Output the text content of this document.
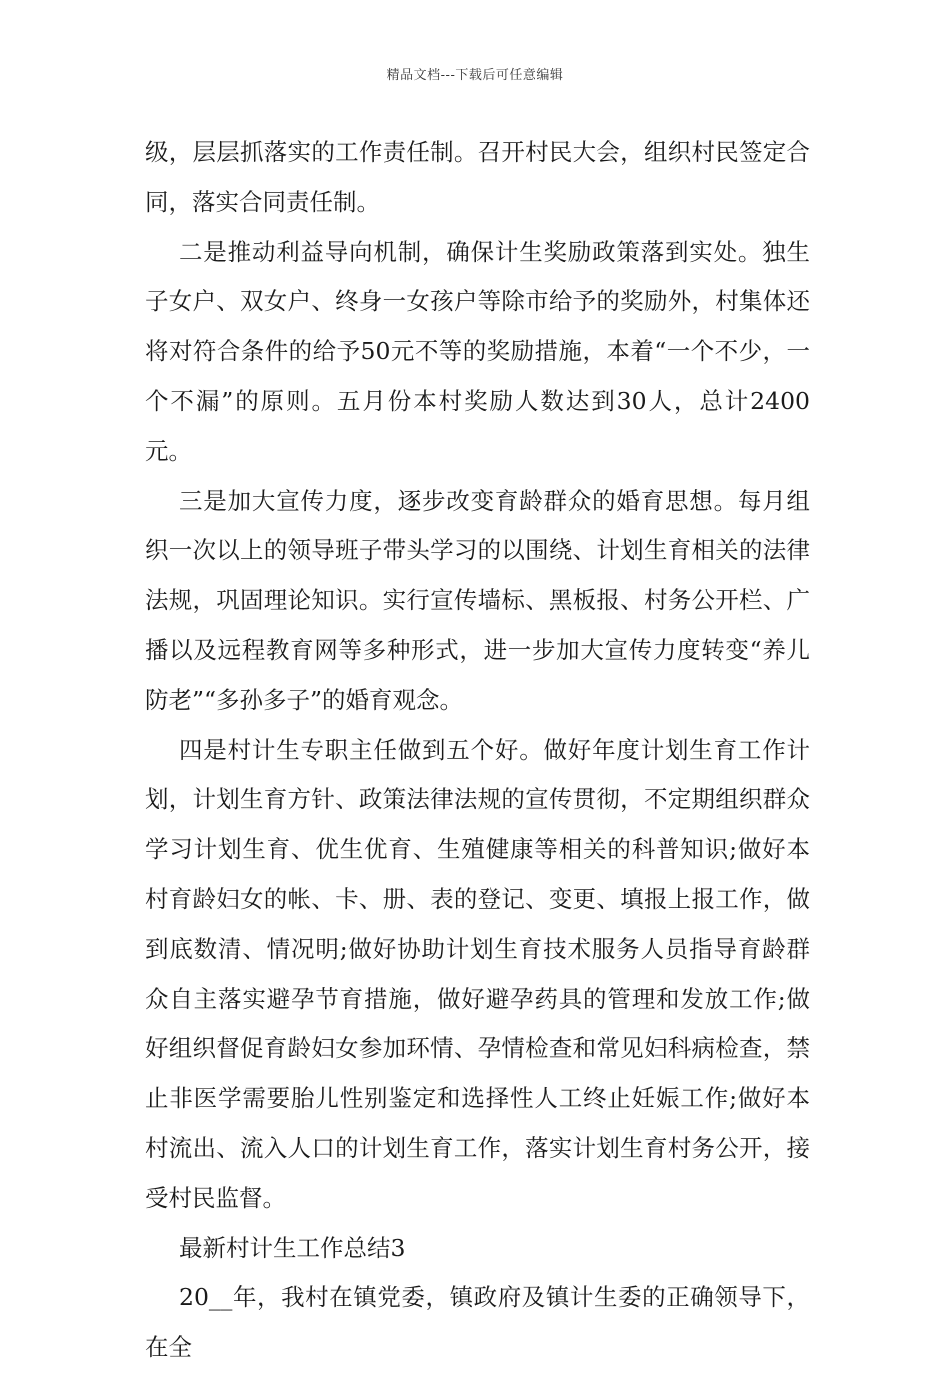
精品文档---下载后可任意编辑

级，层层抓落实的工作责任制。召开村民大会，组织村民签定合同，落实合同责任制。

二是推动利益导向机制，确保计生奖励政策落到实处。独生子女户、双女户、终身一女孩户等除市给予的奖励外，村集体还将对符合条件的给予50元不等的奖励措施，本着“一个不少，一个不漏”的原则。五月份本村奖励人数达到30人，总计2400元。

三是加大宣传力度，逐步改变育龄群众的婚育思想。每月组织一次以上的领导班子带头学习的以围绕、计划生育相关的法律法规，巩固理论知识。实行宣传墙标、黑板报、村务公开栏、广播以及远程教育网等多种形式，进一步加大宣传力度转变“养儿防老”“多孙多子”的婚育观念。

四是村计生专职主任做到五个好。做好年度计划生育工作计划，计划生育方针、政策法律法规的宣传贯彻，不定期组织群众学习计划生育、优生优育、生殖健康等相关的科普知识;做好本村育龄妇女的帐、卡、册、表的登记、变更、填报上报工作，做到底数清、情况明;做好协助计划生育技术服务人员指导育龄群众自主落实避孕节育措施，做好避孕药具的管理和发放工作;做好组织督促育龄妇女参加环情、孕情检查和常见妇科病检查，禁止非医学需要胎儿性别鉴定和选择性人工终止妊娠工作;做好本村流出、流入人口的计划生育工作，落实计划生育村务公开，接受村民监督。

最新村计生工作总结3

20__年，我村在镇党委，镇政府及镇计生委的正确领导下，在全
